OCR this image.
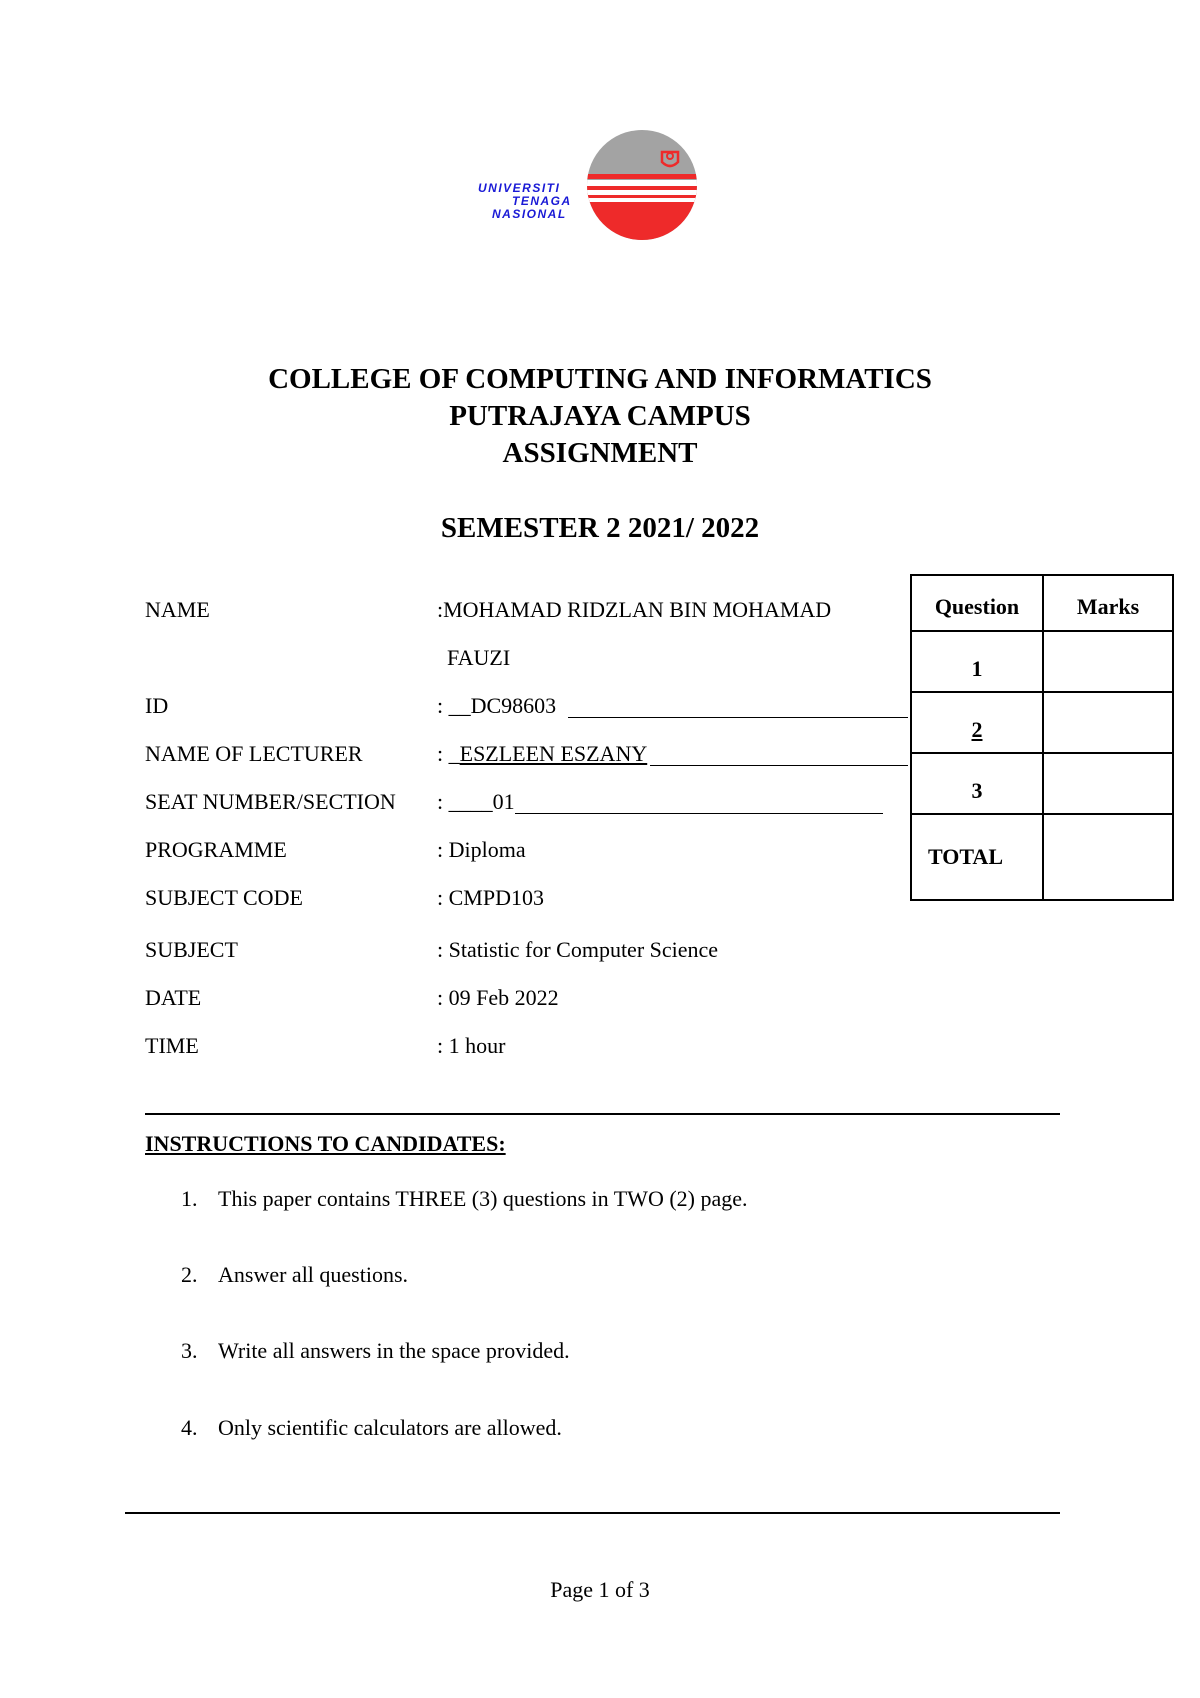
UNIVERSITI
TENAGA
NASIONAL
COLLEGE OF COMPUTING AND INFORMATICS
PUTRAJAYA CAMPUS
ASSIGNMENT
SEMESTER 2 2021/ 2022
NAME	:MOHAMAD RIDZLAN BIN MOHAMAD
FAUZI
ID	: __DC98603
NAME OF LECTURER	: _ESZLEEN ESZANY
SEAT NUMBER/SECTION : ____01
PROGRAMME	: Diploma
SUBJECT CODE	: CMPD103
SUBJECT	: Statistic for Computer Science
DATE	: 09 Feb 2022
TIME	: 1 hour
Question	Marks
1	
2	
3	
TOTAL	
INSTRUCTIONS TO CANDIDATES:
1. This paper contains THREE (3) questions in TWO (2) page.
2. Answer all questions.
3. Write all answers in the space provided.
4. Only scientific calculators are allowed.
Page 1 of 3
